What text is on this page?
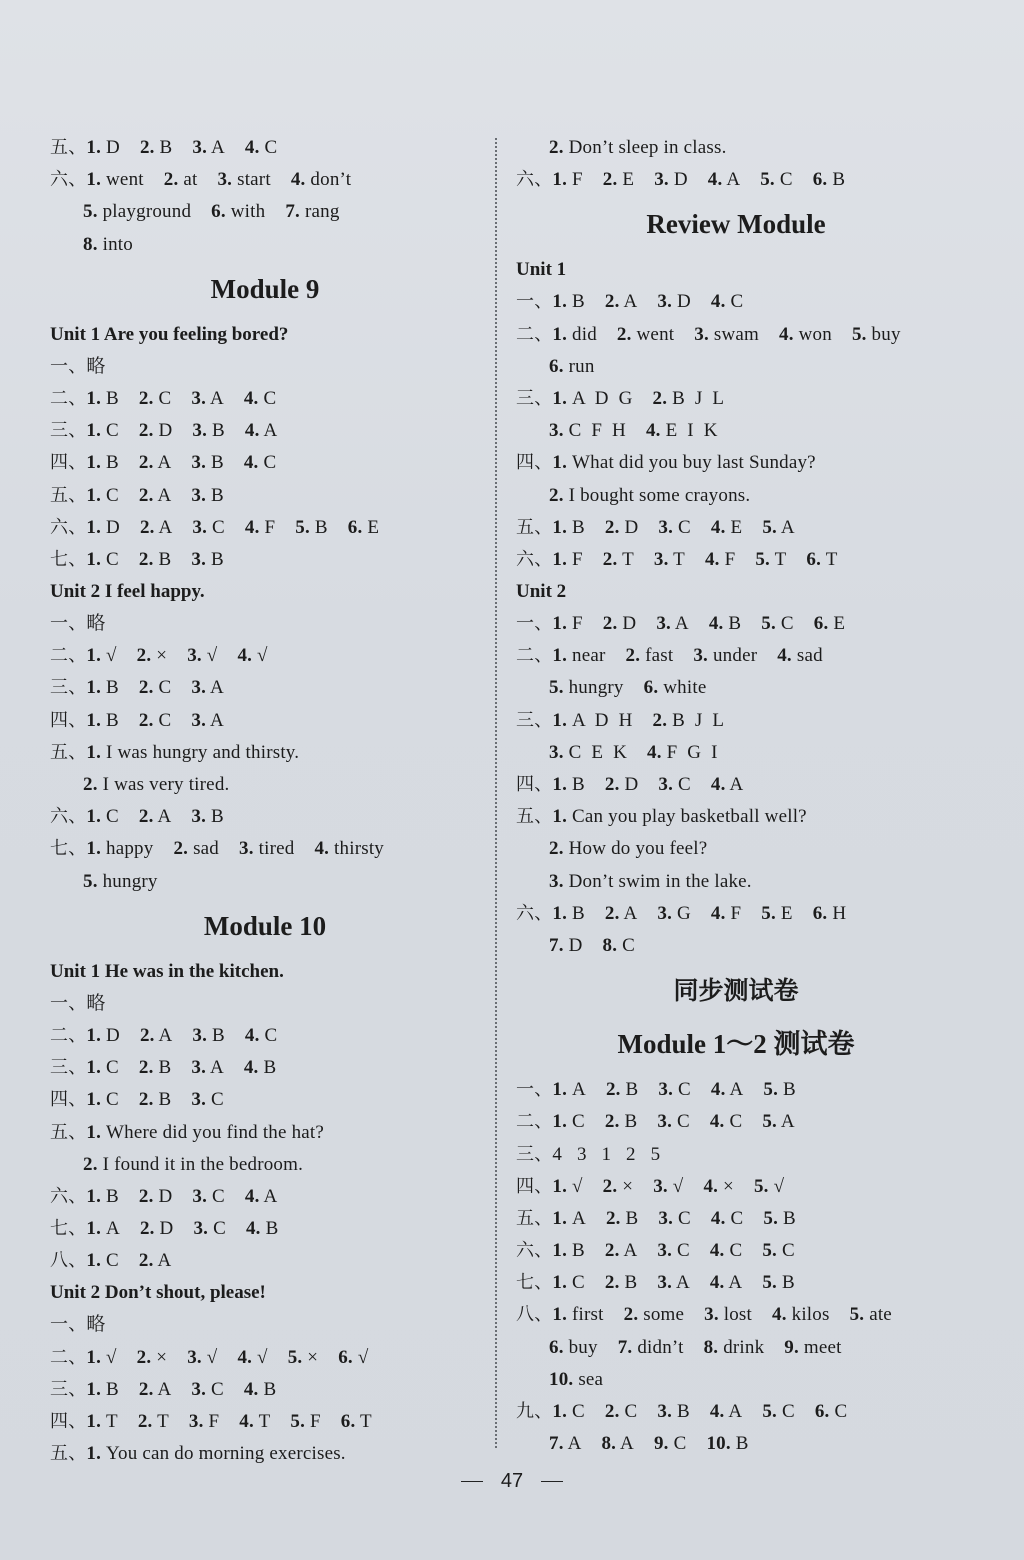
五、1. D 2. B 3. A 4. C
六、1. went 2. at 3. start 4. don’t
5. playground 6. with 7. rang
8. into
Module 9
Unit 1 Are you feeling bored?
一、略
二、1. B 2. C 3. A 4. C
三、1. C 2. D 3. B 4. A
四、1. B 2. A 3. B 4. C
五、1. C 2. A 3. B
六、1. D 2. A 3. C 4. F 5. B 6. E
七、1. C 2. B 3. B
Unit 2 I feel happy.
一、略
二、1. √ 2. × 3. √ 4. √
三、1. B 2. C 3. A
四、1. B 2. C 3. A
五、1. I was hungry and thirsty.
2. I was very tired.
六、1. C 2. A 3. B
七、1. happy 2. sad 3. tired 4. thirsty
5. hungry
Module 10
Unit 1 He was in the kitchen.
一、略
二、1. D 2. A 3. B 4. C
三、1. C 2. B 3. A 4. B
四、1. C 2. B 3. C
五、1. Where did you find the hat?
2. I found it in the bedroom.
六、1. B 2. D 3. C 4. A
七、1. A 2. D 3. C 4. B
八、1. C 2. A
Unit 2 Don’t shout, please!
一、略
二、1. √ 2. × 3. √ 4. √ 5. × 6. √
三、1. B 2. A 3. C 4. B
四、1. T 2. T 3. F 4. T 5. F 6. T
五、1. You can do morning exercises.
2. Don’t sleep in class.
六、1. F 2. E 3. D 4. A 5. C 6. B
Review Module
Unit 1
一、1. B 2. A 3. D 4. C
二、1. did 2. went 3. swam 4. won 5. buy
6. run
三、1. A  D  G 2. B  J  L
3. C  F  H 4. E  I  K
四、1. What did you buy last Sunday?
2. I bought some crayons.
五、1. B 2. D 3. C 4. E 5. A
六、1. F 2. T 3. T 4. F 5. T 6. T
Unit 2
一、1. F 2. D 3. A 4. B 5. C 6. E
二、1. near 2. fast 3. under 4. sad
5. hungry 6. white
三、1. A  D  H 2. B  J  L
3. C  E  K 4. F  G  I
四、1. B 2. D 3. C 4. A
五、1. Can you play basketball well?
2. How do you feel?
3. Don’t swim in the lake.
六、1. B 2. A 3. G 4. F 5. E 6. H
7. D 8. C
同步测试卷
Module 1～2 测试卷
一、1. A 2. B 3. C 4. A 5. B
二、1. C 2. B 3. C 4. C 5. A
三、4   3   1   2   5
四、1. √ 2. × 3. √ 4. × 5. √
五、1. A 2. B 3. C 4. C 5. B
六、1. B 2. A 3. C 4. C 5. C
七、1. C 2. B 3. A 4. A 5. B
八、1. first 2. some 3. lost 4. kilos 5. ate
6. buy 7. didn’t 8. drink 9. meet
10. sea
九、1. C 2. C 3. B 4. A 5. C 6. C
7. A 8. A 9. C 10. B
47
